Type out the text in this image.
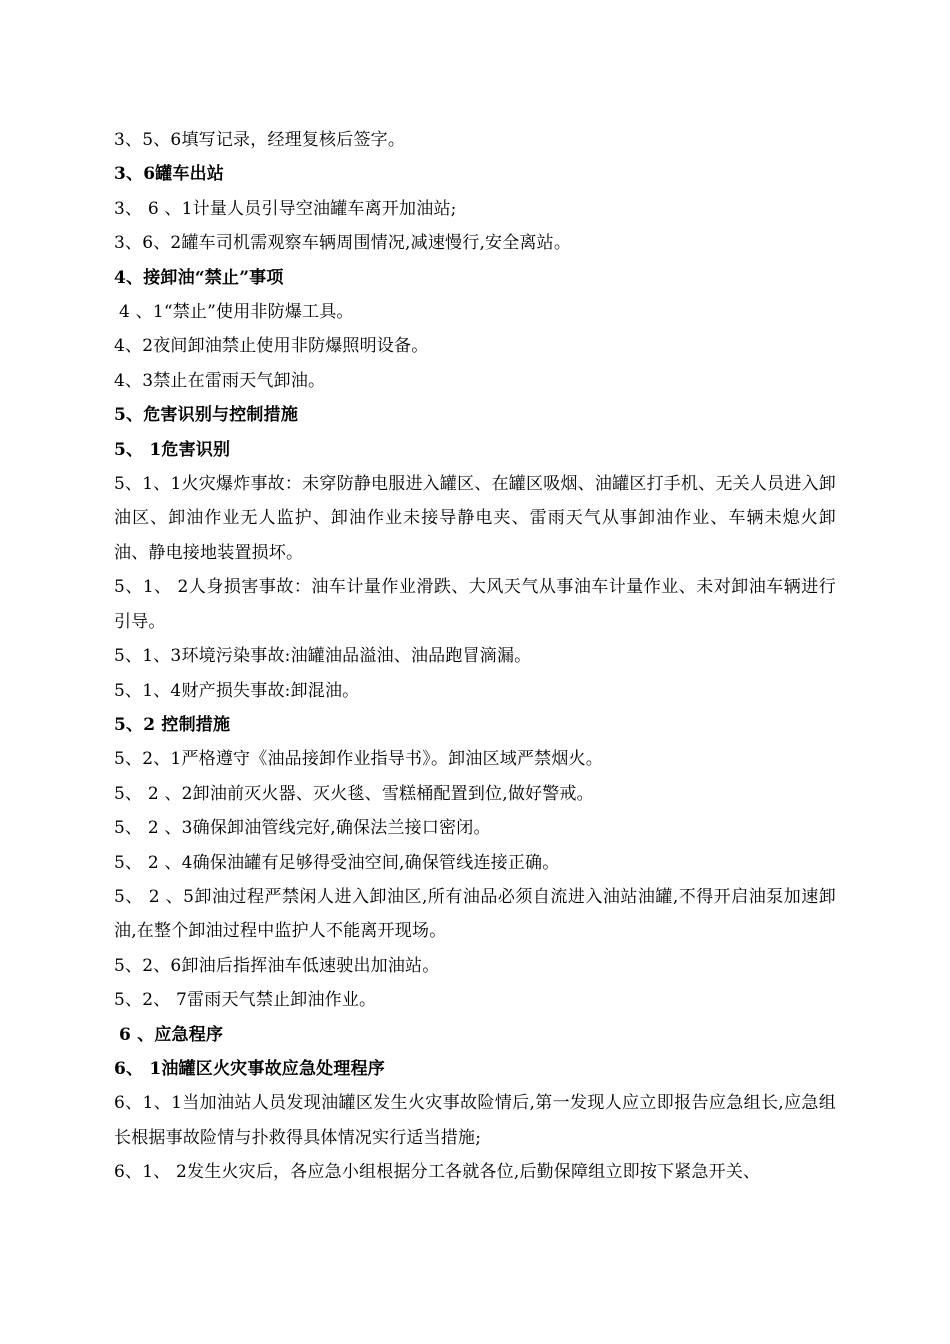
3、5、6填写记录，经理复核后签字。
3、6罐车出站
3、 6 、1计量人员引导空油罐车离开加油站;
3、6、2罐车司机需观察车辆周围情况,减速慢行,安全离站。
4、接卸油“禁止”事项
4 、1“禁止”使用非防爆工具。
4、2夜间卸油禁止使用非防爆照明设备。
4、3禁止在雷雨天气卸油。
5、危害识别与控制措施
5、 1危害识别
5、1、1火灾爆炸事故：未穿防静电服进入罐区、在罐区吸烟、油罐区打手机、无关人员进入卸油区、卸油作业无人监护、卸油作业未接导静电夹、雷雨天气从事卸油作业、车辆未熄火卸油、静电接地装置损坏。
5、1、 2人身损害事故：油车计量作业滑跌、大风天气从事油车计量作业、未对卸油车辆进行引导。
5、1、3环境污染事故:油罐油品溢油、油品跑冒滴漏。
5、1、4财产损失事故:卸混油。
5、2 控制措施
5、2、1严格遵守《油品接卸作业指导书》。卸油区域严禁烟火。
5、 2 、2卸油前灭火器、灭火毯、雪糕桶配置到位,做好警戒。
5、 2 、3确保卸油管线完好,确保法兰接口密闭。
5、 2 、4确保油罐有足够得受油空间,确保管线连接正确。
5、 2 、5卸油过程严禁闲人进入卸油区,所有油品必须自流进入油站油罐,不得开启油泵加速卸油,在整个卸油过程中监护人不能离开现场。
5、2、6卸油后指挥油车低速驶出加油站。
5、2、 7雷雨天气禁止卸油作业。
6 、应急程序
6、 1油罐区火灾事故应急处理程序
6、1、1当加油站人员发现油罐区发生火灾事故险情后,第一发现人应立即报告应急组长,应急组长根据事故险情与扑救得具体情况实行适当措施;
6、1、 2发生火灾后，各应急小组根据分工各就各位,后勤保障组立即按下紧急开关、
